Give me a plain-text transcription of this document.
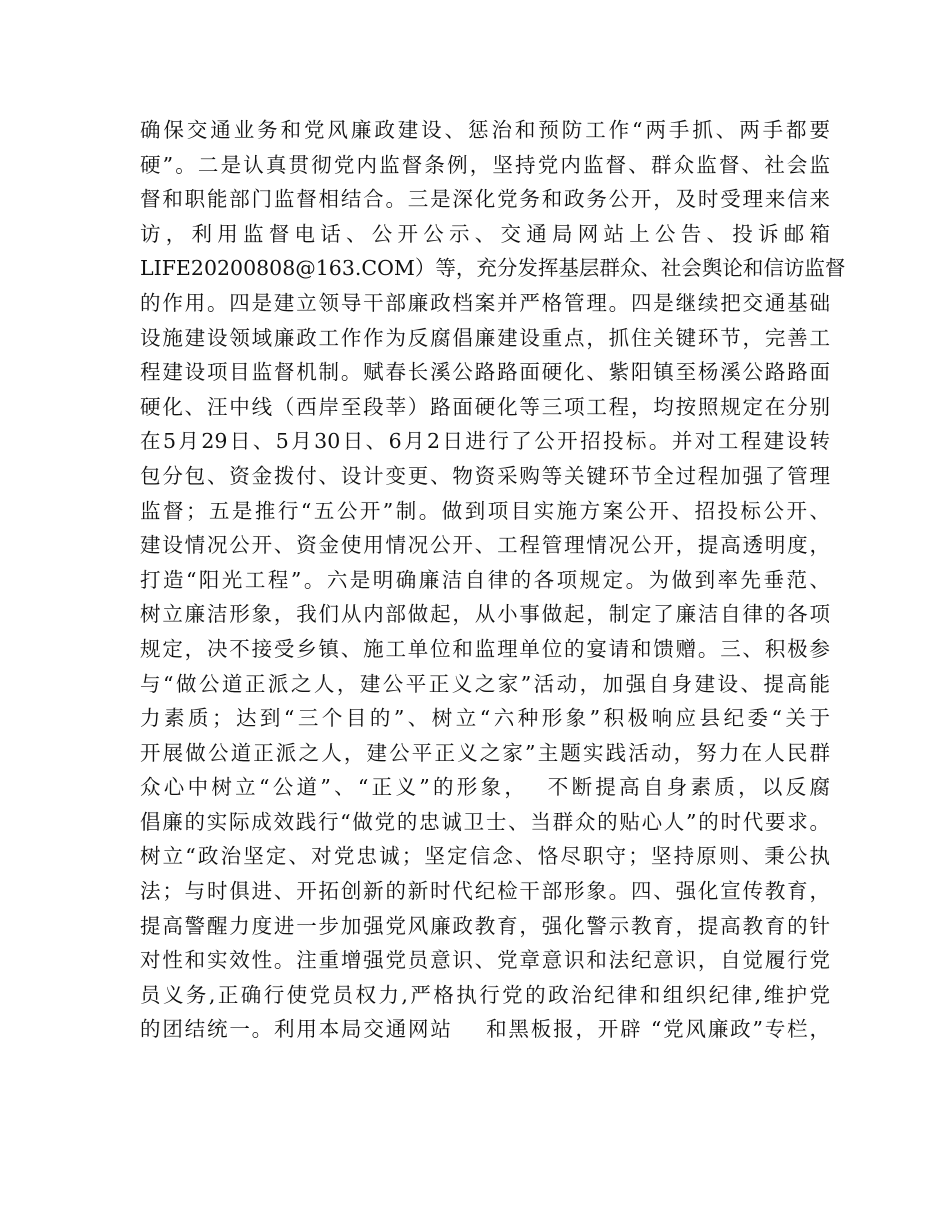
确保交通业务和党风廉政建设、惩治和预防工作“两手抓、两手都要
硬”。二是认真贯彻党内监督条例，坚持党内监督、群众监督、社会监
督和职能部门监督相结合。三是深化党务和政务公开，及时受理来信来
访，利用监督电话、公开公示、交通局网站上公告、投诉邮箱
LIFE20200808@163.COM）等，充分发挥基层群众、社会舆论和信访监督
的作用。四是建立领导干部廉政档案并严格管理。四是继续把交通基础
设施建设领域廉政工作作为反腐倡廉建设重点，抓住关键环节，完善工
程建设项目监督机制。赋春长溪公路路面硬化、紫阳镇至杨溪公路路面
硬化、汪中线（西岸至段莘）路面硬化等三项工程，均按照规定在分别
在5月29日、5月30日、6月2日进行了公开招投标。并对工程建设转
包分包、资金拨付、设计变更、物资采购等关键环节全过程加强了管理
监督；五是推行“五公开”制。做到项目实施方案公开、招投标公开、
建设情况公开、资金使用情况公开、工程管理情况公开，提高透明度，
打造“阳光工程”。六是明确廉洁自律的各项规定。为做到率先垂范、
树立廉洁形象，我们从内部做起，从小事做起，制定了廉洁自律的各项
规定，决不接受乡镇、施工单位和监理单位的宴请和馈赠。三、积极参
与“做公道正派之人，建公平正义之家”活动，加强自身建设、提高能
力素质；达到“三个目的”、树立“六种形象”积极响应县纪委“关于
开展做公道正派之人，建公平正义之家”主题实践活动，努力在人民群
众心中树立“公道”、“正义”的形象，  不断提高自身素质，以反腐
倡廉的实际成效践行“做党的忠诚卫士、当群众的贴心人”的时代要求。
树立“政治坚定、对党忠诚；坚定信念、恪尽职守；坚持原则、秉公执
法；与时俱进、开拓创新的新时代纪检干部形象。四、强化宣传教育，
提高警醒力度进一步加强党风廉政教育，强化警示教育，提高教育的针
对性和实效性。注重增强党员意识、党章意识和法纪意识，自觉履行党
员义务,正确行使党员权力,严格执行党的政治纪律和组织纪律,维护党
的团结统一。利用本局交通网站    和黑板报，开辟 “党风廉政”专栏，
